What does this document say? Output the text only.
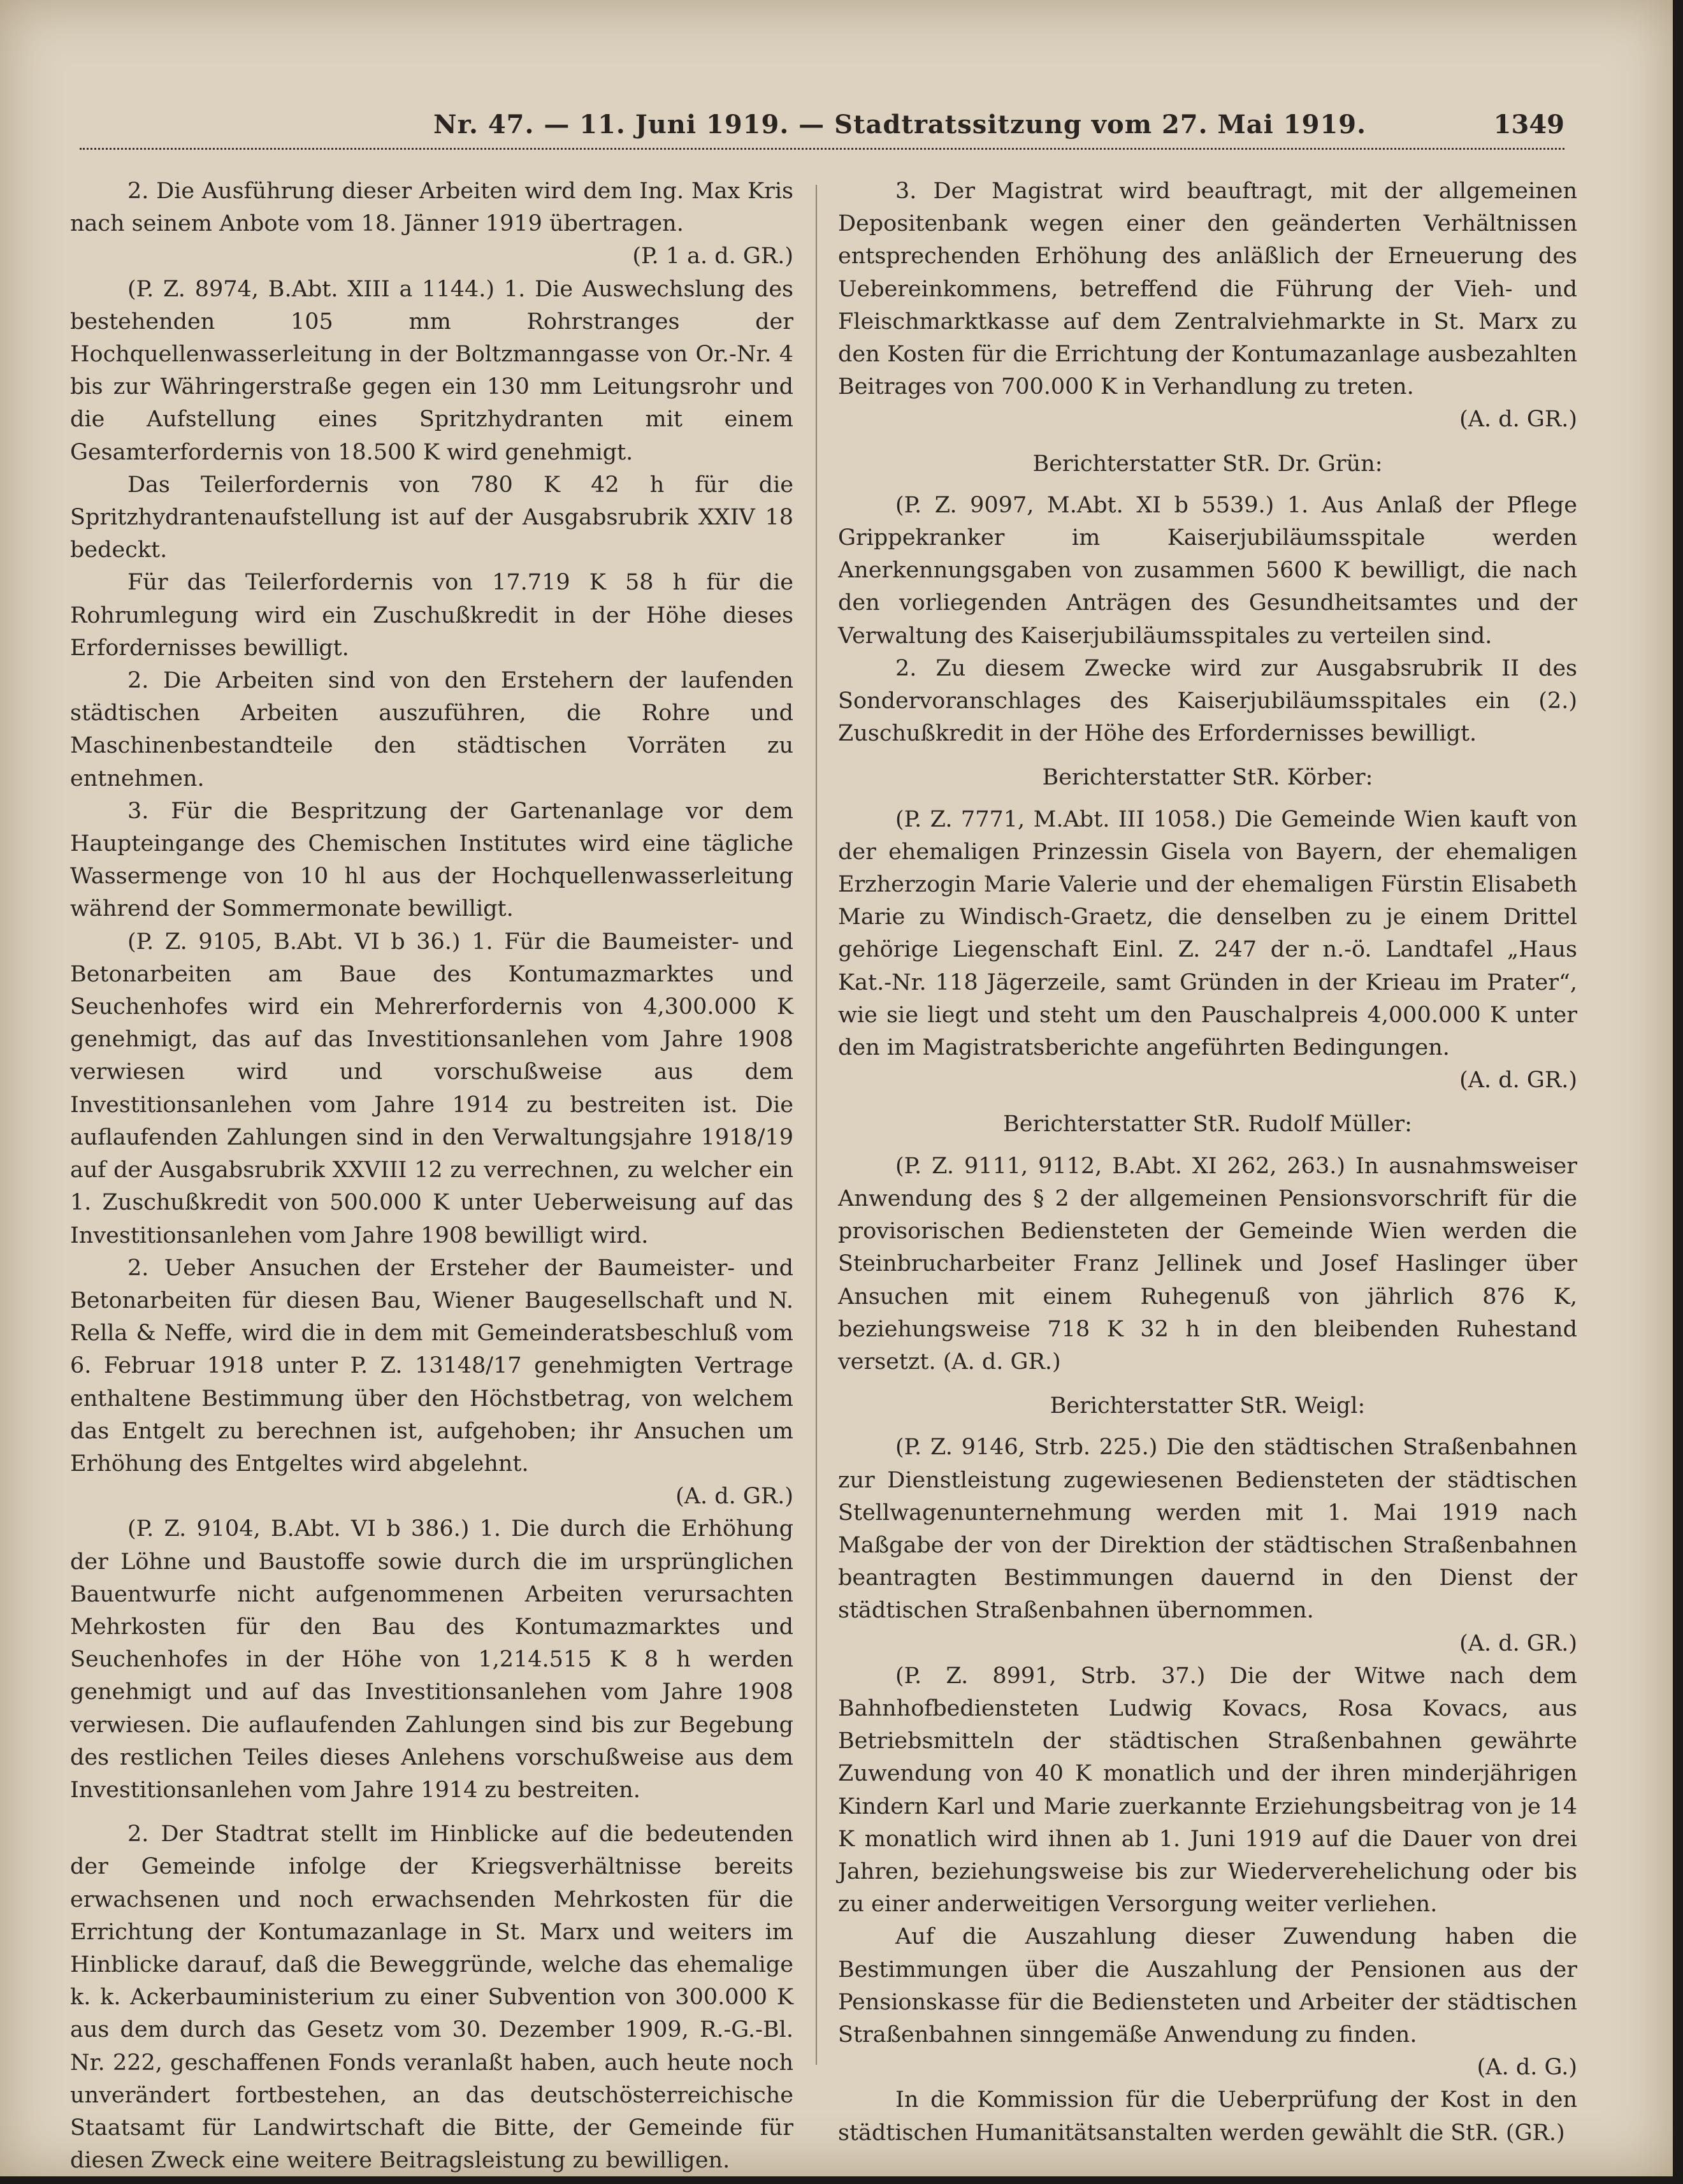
Nr. 47. — 11. Juni 1919. — Stadtratssitzung vom 27. Mai 1919.	1349

2. Die Ausführung dieser Arbeiten wird dem Ing. Max Kris nach seinem Anbote vom 18. Jänner 1919 übertragen.

(P. 1 a. d. GR.)

(P. Z. 8974, B.Abt. XIII a 1144.) 1. Die Auswechslung des bestehenden 105 mm Rohrstranges der Hochquellenwasserleitung in der Boltzmanngasse von Or.-Nr. 4 bis zur Währingerstraße gegen ein 130 mm Leitungsrohr und die Aufstellung eines Spritzhydranten mit einem Gesamterfordernis von 18.500 K wird genehmigt.

Das Teilerfordernis von 780 K 42 h für die Spritzhydrantenaufstellung ist auf der Ausgabsrubrik XXIV 18 bedeckt.

Für das Teilerfordernis von 17.719 K 58 h für die Rohrumlegung wird ein Zuschußkredit in der Höhe dieses Erfordernisses bewilligt.

2. Die Arbeiten sind von den Erstehern der laufenden städtischen Arbeiten auszuführen, die Rohre und Maschinenbestandteile den städtischen Vorräten zu entnehmen.

3. Für die Bespritzung der Gartenanlage vor dem Haupteingange des Chemischen Institutes wird eine tägliche Wassermenge von 10 hl aus der Hochquellenwasserleitung während der Sommermonate bewilligt.

(P. Z. 9105, B.Abt. VI b 36.) 1. Für die Baumeister- und Betonarbeiten am Baue des Kontumazmarktes und Seuchenhofes wird ein Mehrerfordernis von 4,300.000 K genehmigt, das auf das Investitionsanlehen vom Jahre 1908 verwiesen wird und vorschußweise aus dem Investitionsanlehen vom Jahre 1914 zu bestreiten ist. Die auflaufenden Zahlungen sind in den Verwaltungsjahre 1918/19 auf der Ausgabsrubrik XXVIII 12 zu verrechnen, zu welcher ein 1. Zuschußkredit von 500.000 K unter Ueberweisung auf das Investitionsanlehen vom Jahre 1908 bewilligt wird.

2. Ueber Ansuchen der Ersteher der Baumeister- und Betonarbeiten für diesen Bau, Wiener Baugesellschaft und N. Rella & Neffe, wird die in dem mit Gemeinderatsbeschluß vom 6. Februar 1918 unter P. Z. 13148/17 genehmigten Vertrage enthaltene Bestimmung über den Höchstbetrag, von welchem das Entgelt zu berechnen ist, aufgehoben; ihr Ansuchen um Erhöhung des Entgeltes wird abgelehnt.

(A. d. GR.)

(P. Z. 9104, B.Abt. VI b 386.) 1. Die durch die Erhöhung der Löhne und Baustoffe sowie durch die im ursprünglichen Bauentwurfe nicht aufgenommenen Arbeiten verursachten Mehrkosten für den Bau des Kontumazmarktes und Seuchenhofes in der Höhe von 1,214.515 K 8 h werden genehmigt und auf das Investitionsanlehen vom Jahre 1908 verwiesen. Die auflaufenden Zahlungen sind bis zur Begebung des restlichen Teiles dieses Anlehens vorschußweise aus dem Investitionsanlehen vom Jahre 1914 zu bestreiten.

2. Der Stadtrat stellt im Hinblicke auf die bedeutenden der Gemeinde infolge der Kriegsverhältnisse bereits erwachsenen und noch erwachsenden Mehrkosten für die Errichtung der Kontumazanlage in St. Marx und weiters im Hinblicke darauf, daß die Beweggründe, welche das ehemalige k. k. Ackerbauministerium zu einer Subvention von 300.000 K aus dem durch das Gesetz vom 30. Dezember 1909, R.-G.-Bl. Nr. 222, geschaffenen Fonds veranlaßt haben, auch heute noch unverändert fortbestehen, an das deutschösterreichische Staatsamt für Landwirtschaft die Bitte, der Gemeinde für diesen Zweck eine weitere Beitragsleistung zu bewilligen.

3. Der Magistrat wird beauftragt, mit der allgemeinen Depositenbank wegen einer den geänderten Verhältnissen entsprechenden Erhöhung des anläßlich der Erneuerung des Uebereinkommens, betreffend die Führung der Vieh- und Fleischmarktkasse auf dem Zentralviehmarkte in St. Marx zu den Kosten für die Errichtung der Kontumazanlage ausbezahlten Beitrages von 700.000 K in Verhandlung zu treten.

(A. d. GR.)

Berichterstatter StR. Dr. Grün:

(P. Z. 9097, M.Abt. XI b 5539.) 1. Aus Anlaß der Pflege Grippekranker im Kaiserjubiläumsspitale werden Anerkennungsgaben von zusammen 5600 K bewilligt, die nach den vorliegenden Anträgen des Gesundheitsamtes und der Verwaltung des Kaiserjubiläumsspitales zu verteilen sind.

2. Zu diesem Zwecke wird zur Ausgabsrubrik II des Sondervoranschlages des Kaiserjubiläumsspitales ein (2.) Zuschußkredit in der Höhe des Erfordernisses bewilligt.

Berichterstatter StR. Körber:

(P. Z. 7771, M.Abt. III 1058.) Die Gemeinde Wien kauft von der ehemaligen Prinzessin Gisela von Bayern, der ehemaligen Erzherzogin Marie Valerie und der ehemaligen Fürstin Elisabeth Marie zu Windisch-Graetz, die denselben zu je einem Drittel gehörige Liegenschaft Einl. Z. 247 der n.-ö. Landtafel „Haus Kat.-Nr. 118 Jägerzeile, samt Gründen in der Krieau im Prater“, wie sie liegt und steht um den Pauschalpreis 4,000.000 K unter den im Magistratsberichte angeführten Bedingungen.

(A. d. GR.)

Berichterstatter StR. Rudolf Müller:

(P. Z. 9111, 9112, B.Abt. XI 262, 263.) In ausnahmsweiser Anwendung des § 2 der allgemeinen Pensionsvorschrift für die provisorischen Bediensteten der Gemeinde Wien werden die Steinbrucharbeiter Franz Jellinek und Josef Haslinger über Ansuchen mit einem Ruhegenuß von jährlich 876 K, beziehungsweise 718 K 32 h in den bleibenden Ruhestand versetzt. (A. d. GR.)

Berichterstatter StR. Weigl:

(P. Z. 9146, Strb. 225.) Die den städtischen Straßenbahnen zur Dienstleistung zugewiesenen Bediensteten der städtischen Stellwagenunternehmung werden mit 1. Mai 1919 nach Maßgabe der von der Direktion der städtischen Straßenbahnen beantragten Bestimmungen dauernd in den Dienst der städtischen Straßenbahnen übernommen.

(A. d. GR.)

(P. Z. 8991, Strb. 37.) Die der Witwe nach dem Bahnhofbediensteten Ludwig Kovacs, Rosa Kovacs, aus Betriebsmitteln der städtischen Straßenbahnen gewährte Zuwendung von 40 K monatlich und der ihren minderjährigen Kindern Karl und Marie zuerkannte Erziehungsbeitrag von je 14 K monatlich wird ihnen ab 1. Juni 1919 auf die Dauer von drei Jahren, beziehungsweise bis zur Wiederverehelichung oder bis zu einer anderweitigen Versorgung weiter verliehen.

Auf die Auszahlung dieser Zuwendung haben die Bestimmungen über die Auszahlung der Pensionen aus der Pensionskasse für die Bediensteten und Arbeiter der städtischen Straßenbahnen sinngemäße Anwendung zu finden.

(A. d. G.)

In die Kommission für die Ueberprüfung der Kost in den städtischen Humanitätsanstalten werden gewählt die StR. (GR.)
